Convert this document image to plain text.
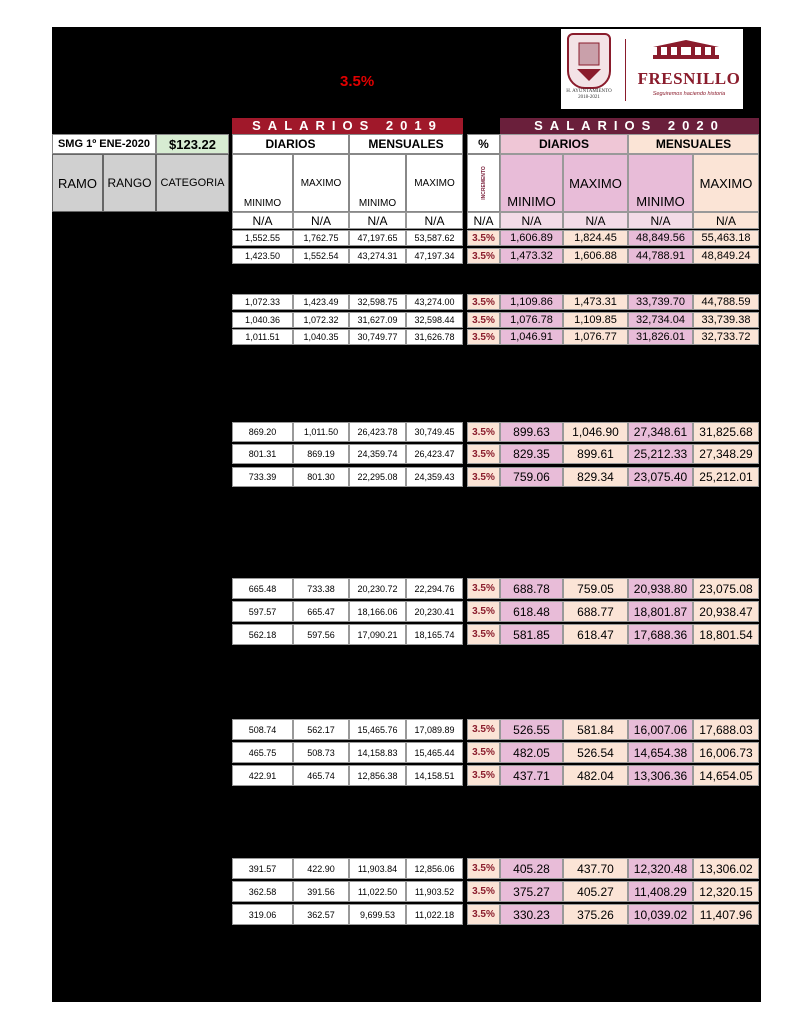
3.5%
H. AYUNTAMIENTO
2018-2021
FRESNILLO
Seguiremos haciendo historia
SALARIOS 2019	SALARIOS 2020
SMG 1º ENE-2020	$123.22	DIARIOS	MENSUALES	%	DIARIOS	MENSUALES
RAMO RANGO CATEGORIA
MINIMO
MAXIMO
MINIMO
MAXIMO	INCREMENTO
MINIMO
MAXIMO
MINIMO
MAXIMO
N/A	N/A	N/A	N/A	N/A	N/A	N/A	N/A	N/A
1,552.55	1,762.75	47,197.65	53,587.62	3.5%	1,606.89	1,824.45	48,849.56	55,463.18
1,423.50	1,552.54	43,274.31	47,197.34	3.5%	1,473.32	1,606.88	44,788.91	48,849.24
1,072.33	1,423.49	32,598.75	43,274.00	3.5%	1,109.86	1,473.31	33,739.70	44,788.59
1,040.36	1,072.32	31,627.09	32,598.44	3.5%	1,076.78	1,109.85	32,734.04	33,739.38
1,011.51	1,040.35	30,749.77	31,626.78	3.5%	1,046.91	1,076.77	31,826.01	32,733.72
869.20	1,011.50	26,423.78	30,749.45	3.5%	899.63	1,046.90	27,348.61	31,825.68
801.31	869.19	24,359.74	26,423.47	3.5%	829.35	899.61	25,212.33	27,348.29
733.39	801.30	22,295.08	24,359.43	3.5%	759.06	829.34	23,075.40	25,212.01
665.48	733.38	20,230.72	22,294.76	3.5%	688.78	759.05	20,938.80	23,075.08
597.57	665.47	18,166.06	20,230.41	3.5%	618.48	688.77	18,801.87	20,938.47
562.18	597.56	17,090.21	18,165.74	3.5%	581.85	618.47	17,688.36	18,801.54
508.74	562.17	15,465.76	17,089.89	3.5%	526.55	581.84	16,007.06	17,688.03
465.75	508.73	14,158.83	15,465.44	3.5%	482.05	526.54	14,654.38	16,006.73
422.91	465.74	12,856.38	14,158.51	3.5%	437.71	482.04	13,306.36	14,654.05
391.57	422.90	11,903.84	12,856.06	3.5%	405.28	437.70	12,320.48	13,306.02
362.58	391.56	11,022.50	11,903.52	3.5%	375.27	405.27	11,408.29	12,320.15
319.06	362.57	9,699.53	11,022.18	3.5%	330.23	375.26	10,039.02	11,407.96
